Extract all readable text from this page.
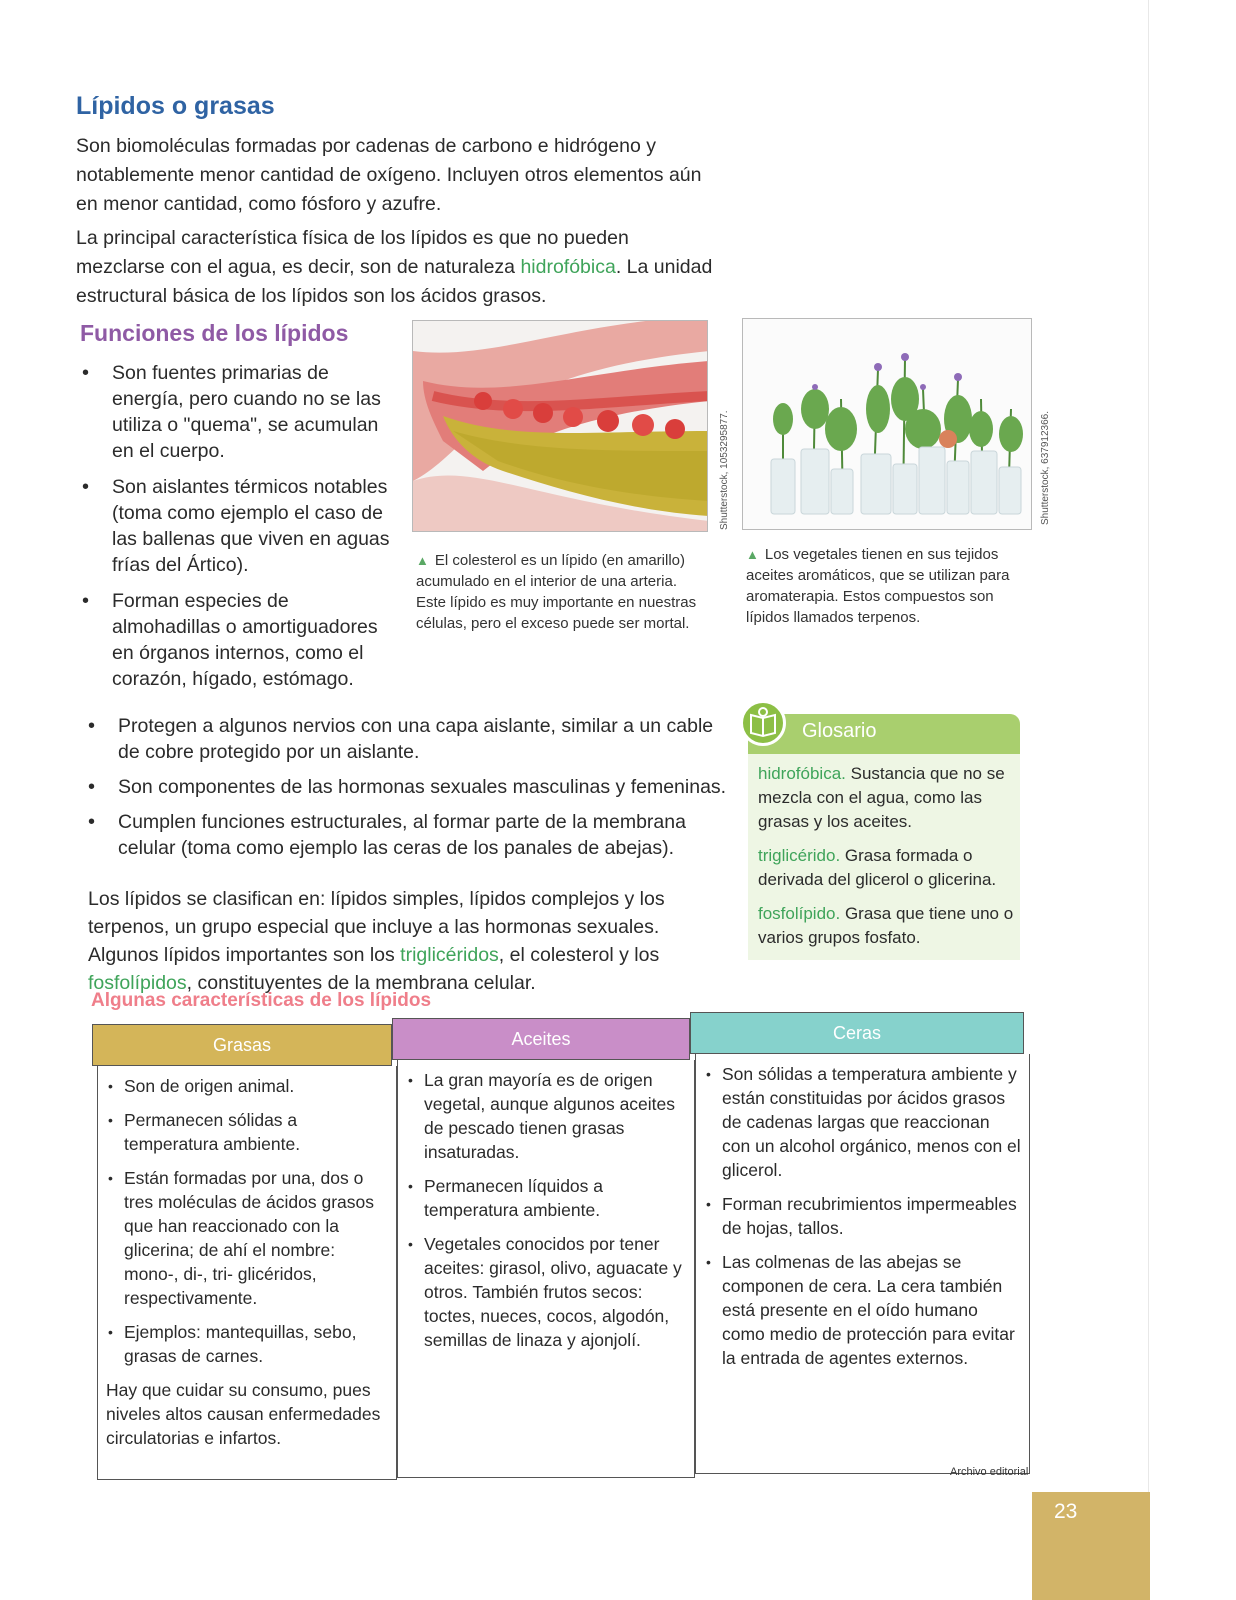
Lípidos o grasas

Son biomoléculas formadas por cadenas de carbono e hidrógeno y notablemente menor cantidad de oxígeno. Incluyen otros elementos aún en menor cantidad, como fósforo y azufre.

La principal característica física de los lípidos es que no pueden mezclarse con el agua, es decir, son de naturaleza hidrofóbica. La unidad estructural básica de los lípidos son los ácidos grasos.

Funciones de los lípidos
• Son fuentes primarias de energía, pero cuando no se las utiliza o "quema", se acumulan en el cuerpo.
• Son aislantes térmicos notables (toma como ejemplo el caso de las ballenas que viven en aguas frías del Ártico).
• Forman especies de almohadillas o amortiguadores en órganos internos, como el corazón, hígado, estómago.
Shutterstock, 1053295877.

▲ El colesterol es un lípido (en amarillo) acumulado en el interior de una arteria. Este lípido es muy importante en nuestras células, pero el exceso puede ser mortal.

Shutterstock, 637912366.

▲ Los vegetales tienen en sus tejidos aceites aromáticos, que se utilizan para aromaterapia. Estos compuestos son lípidos llamados terpenos.

• Protegen a algunos nervios con una capa aislante, similar a un cable de cobre protegido por un aislante.
• Son componentes de las hormonas sexuales masculinas y femeninas.
• Cumplen funciones estructurales, al formar parte de la membrana celular (toma como ejemplo las ceras de los panales de abejas).

Los lípidos se clasifican en: lípidos simples, lípidos complejos y los terpenos, un grupo especial que incluye a las hormonas sexuales. Algunos lípidos importantes son los triglicéridos, el colesterol y los fosfolípidos, constituyentes de la membrana celular.

Glosario

hidrofóbica. Sustancia que no se mezcla con el agua, como las grasas y los aceites.

triglicérido. Grasa formada o derivada del glicerol o glicerina.

fosfolípido. Grasa que tiene uno o varios grupos fosfato.

Algunas características de los lípidos
Grasas	Aceites	Ceras
• Son de origen animal.
• Permanecen sólidas a temperatura ambiente.
• Están formadas por una, dos o tres moléculas de ácidos grasos que han reaccionado con la glicerina; de ahí el nombre: mono-, di-, tri- glicéridos, respectivamente.
• Ejemplos: mantequillas, sebo, grasas de carnes.

Hay que cuidar su consumo, pues niveles altos causan enfermedades circulatorias e infartos.

• La gran mayoría es de origen vegetal, aunque algunos aceites de pescado tienen grasas insaturadas.
• Permanecen líquidos a temperatura ambiente.
• Vegetales conocidos por tener aceites: girasol, olivo, aguacate y otros. También frutos secos: toctes, nueces, cocos, algodón, semillas de linaza y ajonjolí.
• Son sólidas a temperatura ambiente y están constituidas por ácidos grasos de cadenas largas que reaccionan con un alcohol orgánico, menos con el glicerol.
• Forman recubrimientos impermeables de hojas, tallos.
• Las colmenas de las abejas se componen de cera. La cera también está presente en el oído humano como medio de protección para evitar la entrada de agentes externos.
Archivo editorial
23
